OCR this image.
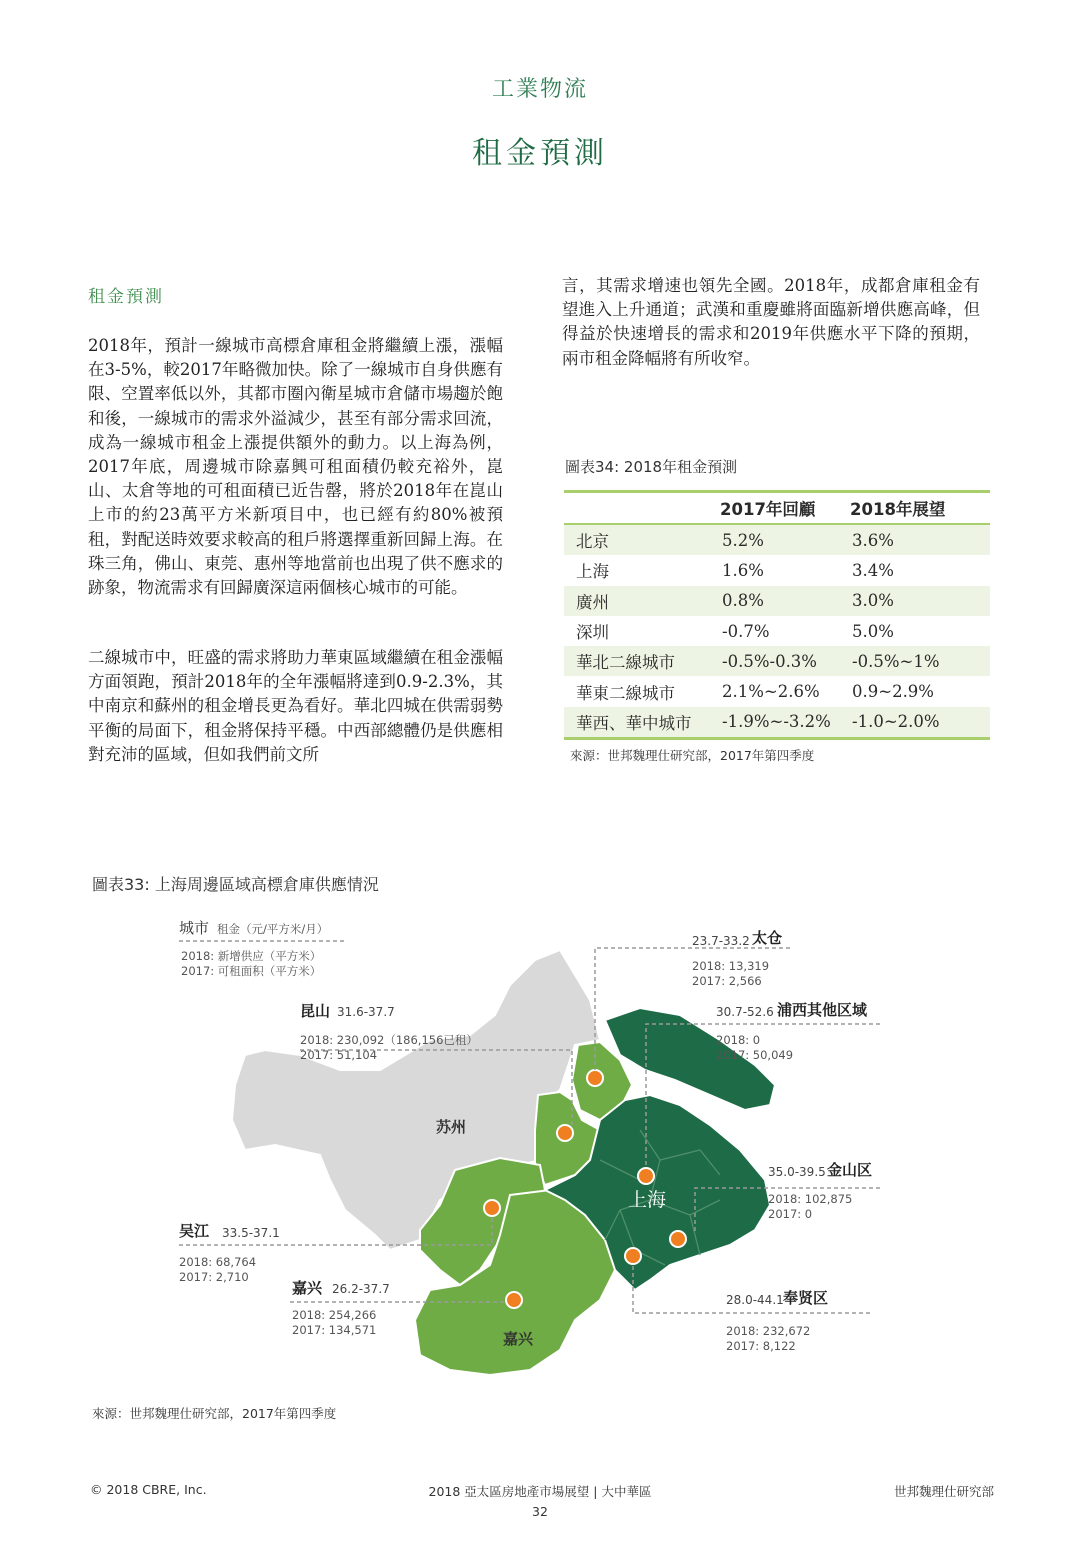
工業物流
租金預測
租金預測
2018年，預計一線城市高標倉庫租金將繼續上漲，漲幅在3-5%，較2017年略微加快。除了一線城市自身供應有限、空置率低以外，其都市圈內衛星城市倉儲市場趨於飽和後，一線城市的需求外溢減少，甚至有部分需求回流，成為一線城市租金上漲提供額外的動力。以上海為例，2017年底，周邊城市除嘉興可租面積仍較充裕外，崑山、太倉等地的可租面積已近告罄，將於2018年在崑山上市的約23萬平方米新項目中，也已經有約80%被預租，對配送時效要求較高的租戶將選擇重新回歸上海。在珠三角，佛山、東莞、惠州等地當前也出現了供不應求的跡象，物流需求有回歸廣深這兩個核心城市的可能。
二線城市中，旺盛的需求將助力華東區域繼續在租金漲幅方面領跑，預計2018年的全年漲幅將達到0.9-2.3%，其中南京和蘇州的租金增長更為看好。華北四城在供需弱勢平衡的局面下，租金將保持平穩。中西部總體仍是供應相對充沛的區域，但如我們前文所
言，其需求增速也領先全國。2018年，成都倉庫租金有望進入上升通道；武漢和重慶雖將面臨新增供應高峰，但得益於快速增長的需求和2019年供應水平下降的預期，兩市租金降幅將有所收窄。
圖表34: 2018年租金預測
	2017年回顧	2018年展望
北京	5.2%	3.6%
上海	1.6%	3.4%
廣州	0.8%	3.0%
深圳	-0.7%	5.0%
華北二線城市	-0.5%-0.3%	-0.5%~1%
華東二線城市	2.1%~2.6%	0.9~2.9%
華西、華中城市	-1.9%~-3.2%	-1.0~2.0%
來源：世邦魏理仕研究部，2017年第四季度
圖表33: 上海周邊區域高標倉庫供應情況
苏州
上海
嘉兴
城市 租金（元/平方米/月）
2018: 新增供应（平方米）
2017: 可租面积（平方米）
23.7-33.2 太仓
2018: 13,319
2017: 2,566
昆山 31.6-37.7
2018: 230,092（186,156已租）
2017: 51,104
30.7-52.6 浦西其他区域
2018: 0
2017: 50,049
35.0-39.5 金山区
2018: 102,875
2017: 0
吴江 33.5-37.1
2018: 68,764
2017: 2,710
嘉兴 26.2-37.7
2018: 254,266
2017: 134,571
28.0-44.1 奉贤区
2018: 232,672
2017: 8,122
來源：世邦魏理仕研究部，2017年第四季度
© 2018 CBRE, Inc.	2018 亞太區房地產市場展望 | 大中華區
32
世邦魏理仕研究部
